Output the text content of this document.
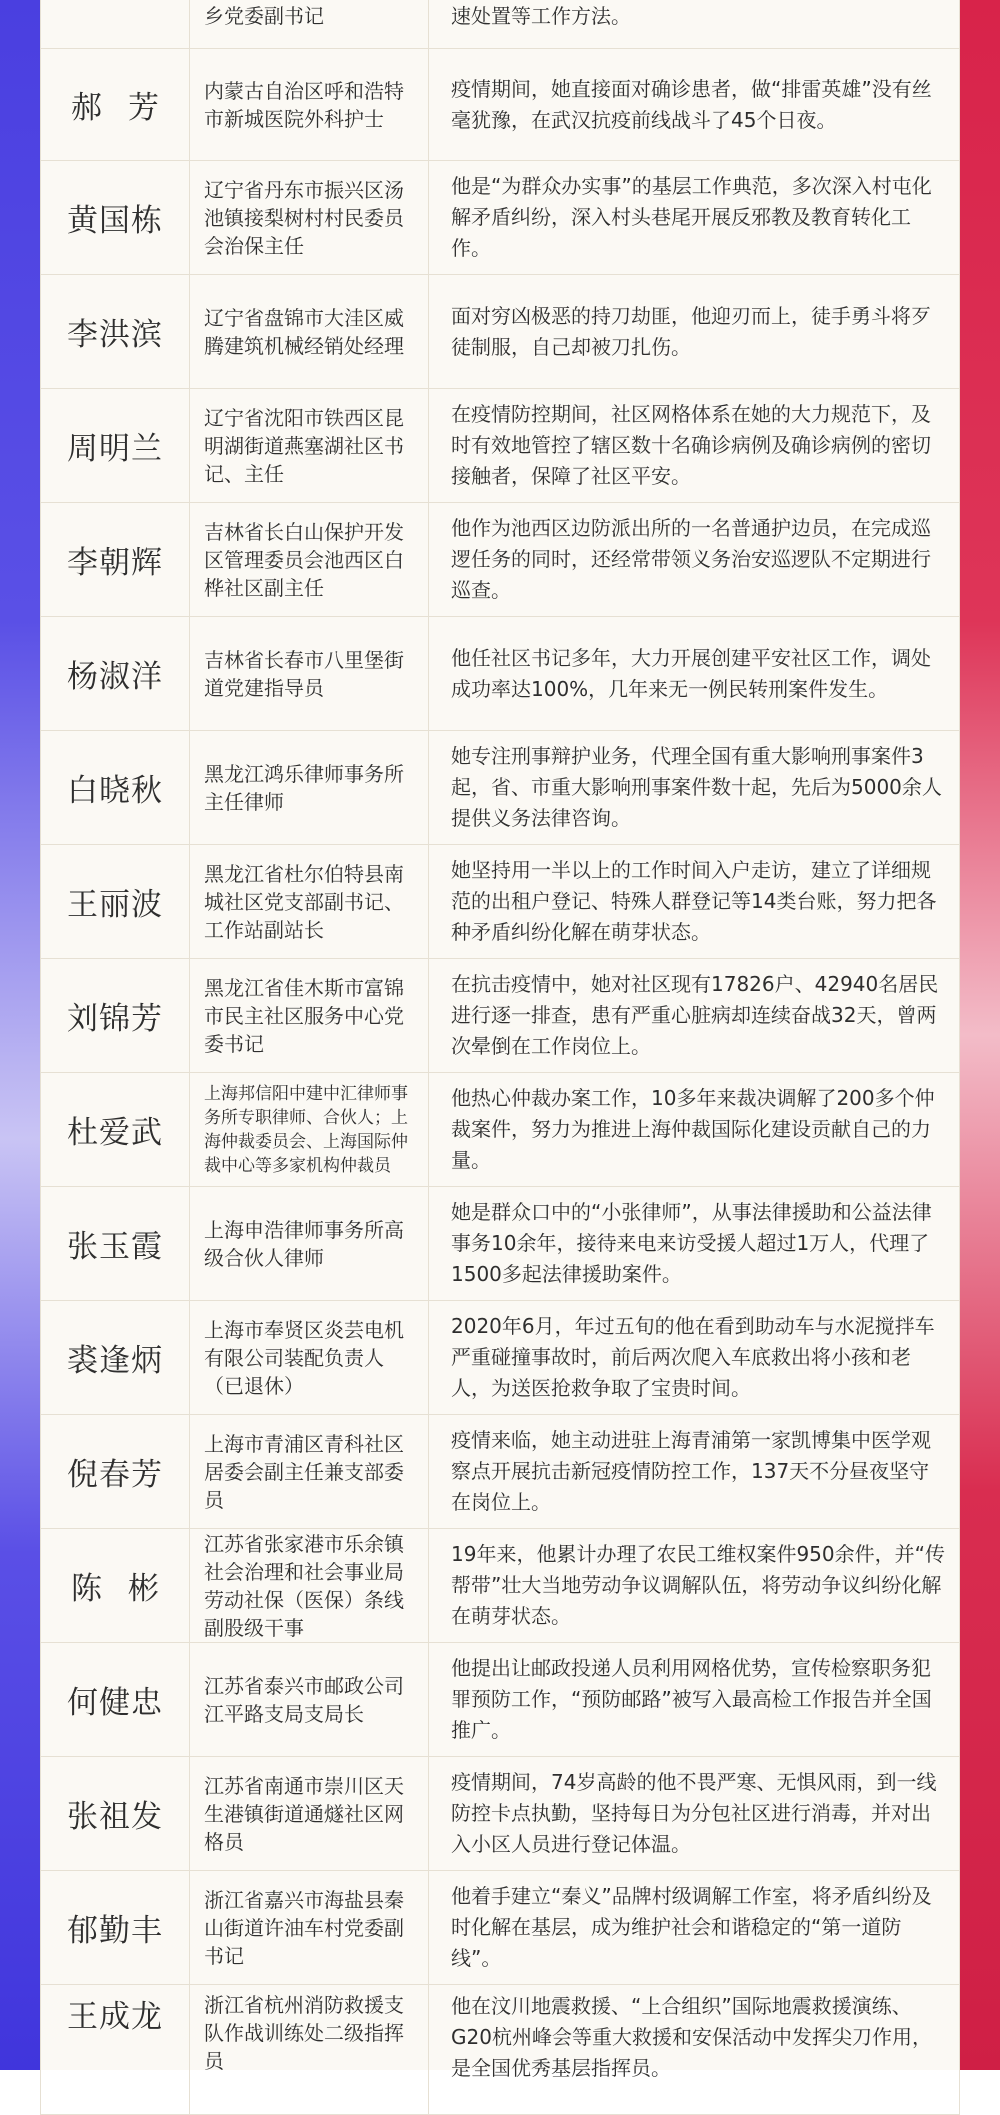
	乡党委副书记	速处置等工作方法。
郝芳	内蒙古自治区呼和浩特市新城医院外科护士	疫情期间，她直接面对确诊患者，做“排雷英雄”没有丝毫犹豫，在武汉抗疫前线战斗了45个日夜。
黄国栋	辽宁省丹东市振兴区汤池镇接梨树村村民委员会治保主任	他是“为群众办实事”的基层工作典范，多次深入村屯化解矛盾纠纷，深入村头巷尾开展反邪教及教育转化工作。
李洪滨	辽宁省盘锦市大洼区威腾建筑机械经销处经理	面对穷凶极恶的持刀劫匪，他迎刃而上，徒手勇斗将歹徒制服，自己却被刀扎伤。
周明兰	辽宁省沈阳市铁西区昆明湖街道燕塞湖社区书记、主任	在疫情防控期间，社区网格体系在她的大力规范下，及时有效地管控了辖区数十名确诊病例及确诊病例的密切接触者，保障了社区平安。
李朝辉	吉林省长白山保护开发区管理委员会池西区白桦社区副主任	他作为池西区边防派出所的一名普通护边员，在完成巡逻任务的同时，还经常带领义务治安巡逻队不定期进行巡查。
杨淑洋	吉林省长春市八里堡街道党建指导员	他任社区书记多年，大力开展创建平安社区工作，调处成功率达100%，几年来无一例民转刑案件发生。
白晓秋	黑龙江鸿乐律师事务所主任律师	她专注刑事辩护业务，代理全国有重大影响刑事案件3起，省、市重大影响刑事案件数十起，先后为5000余人提供义务法律咨询。
王丽波	黑龙江省杜尔伯特县南城社区党支部副书记、工作站副站长	她坚持用一半以上的工作时间入户走访，建立了详细规范的出租户登记、特殊人群登记等14类台账，努力把各种矛盾纠纷化解在萌芽状态。
刘锦芳	黑龙江省佳木斯市富锦市民主社区服务中心党委书记	在抗击疫情中，她对社区现有17826户、42940名居民进行逐一排查，患有严重心脏病却连续奋战32天，曾两次晕倒在工作岗位上。
杜爱武	上海邦信阳中建中汇律师事务所专职律师、合伙人；上海仲裁委员会、上海国际仲裁中心等多家机构仲裁员	他热心仲裁办案工作，10多年来裁决调解了200多个仲裁案件，努力为推进上海仲裁国际化建设贡献自己的力量。
张玉霞	上海申浩律师事务所高级合伙人律师	她是群众口中的“小张律师”，从事法律援助和公益法律事务10余年，接待来电来访受援人超过1万人，代理了1500多起法律援助案件。
裘逢炳	上海市奉贤区炎芸电机有限公司装配负责人（已退休）	2020年6月，年过五旬的他在看到助动车与水泥搅拌车严重碰撞事故时，前后两次爬入车底救出将小孩和老人，为送医抢救争取了宝贵时间。
倪春芳	上海市青浦区青科社区居委会副主任兼支部委员	疫情来临，她主动进驻上海青浦第一家凯博集中医学观察点开展抗击新冠疫情防控工作，137天不分昼夜坚守在岗位上。
陈彬	江苏省张家港市乐余镇社会治理和社会事业局劳动社保（医保）条线副股级干事	19年来，他累计办理了农民工维权案件950余件，并“传帮带”壮大当地劳动争议调解队伍，将劳动争议纠纷化解在萌芽状态。
何健忠	江苏省泰兴市邮政公司江平路支局支局长	他提出让邮政投递人员利用网格优势，宣传检察职务犯罪预防工作，“预防邮路”被写入最高检工作报告并全国推广。
张祖发	江苏省南通市崇川区天生港镇街道通燧社区网格员	疫情期间，74岁高龄的他不畏严寒、无惧风雨，到一线防控卡点执勤，坚持每日为分包社区进行消毒，并对出入小区人员进行登记体温。
郁勤丰	浙江省嘉兴市海盐县秦山街道许油车村党委副书记	他着手建立“秦义”品牌村级调解工作室，将矛盾纠纷及时化解在基层，成为维护社会和谐稳定的“第一道防线”。
王成龙	浙江省杭州消防救援支队作战训练处二级指挥员	他在汶川地震救援、“上合组织”国际地震救援演练、G20杭州峰会等重大救援和安保活动中发挥尖刀作用，是全国优秀基层指挥员。
